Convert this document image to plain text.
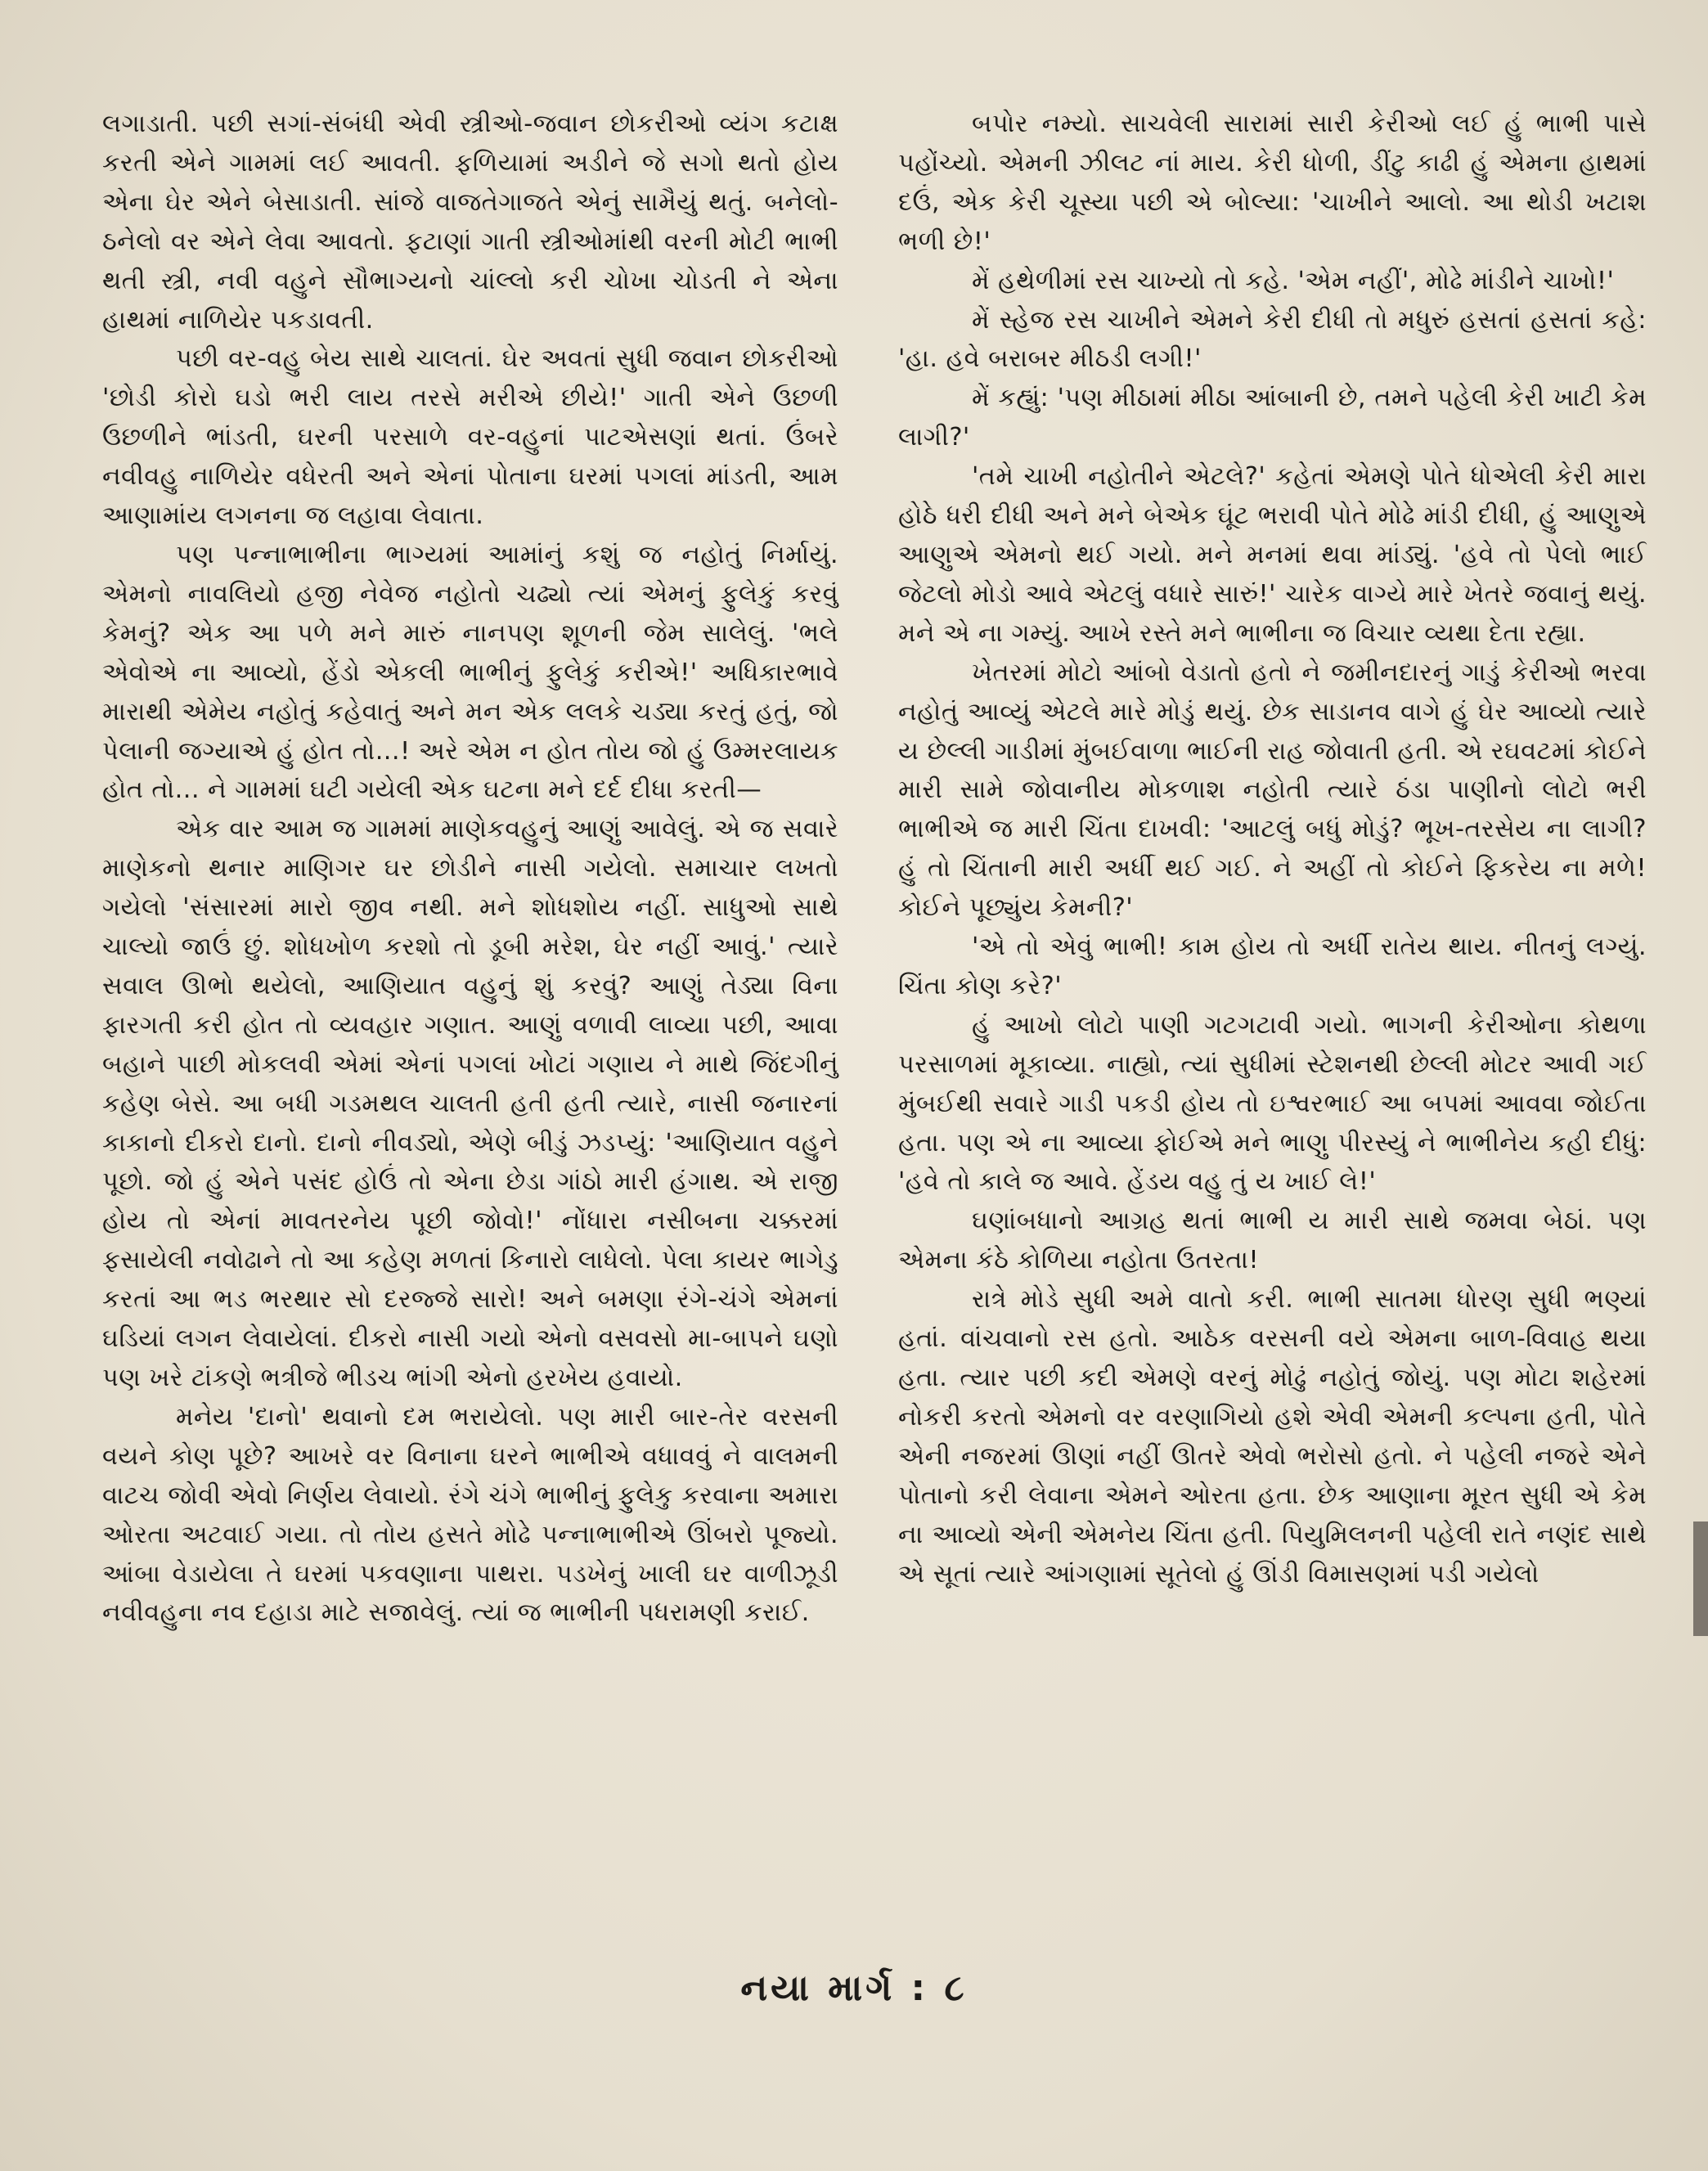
લગાડાતી. પછી સગાં-સંબંધી એવી સ્ત્રીઓ-જવાન છોકરીઓ વ્યંગ કટાક્ષ કરતી એને ગામમાં લઈ આવતી. ફળિયામાં અડીને જે સગો થતો હોય એના ઘેર એને બેસાડાતી. સાંજે વાજતેગાજતે એનું સામૈયું થતું. બનેલો-ઠનેલો વર એને લેવા આવતો. ફટાણાં ગાતી સ્ત્રીઓમાંથી વરની મોટી ભાભી થતી સ્ત્રી, નવી વહુને સૌભાગ્યનો ચાંલ્લો કરી ચોખા ચોડતી ને એના હાથમાં નાળિયેર પકડાવતી.

પછી વર-વહુ બેય સાથે ચાલતાં. ઘેર અવતાં સુધી જવાન છોકરીઓ 'છોડી કોરો ઘડો ભરી લાય તરસે મરીએ છીયે!' ગાતી એને ઉછળી ઉછળીને ભાંડતી, ઘરની પરસાળે વર-વહુનાં પાટએસણાં થતાં. ઉંબરે નવીવહુ નાળિયેર વધેરતી અને એનાં પોતાના ઘરમાં પગલાં માંડતી, આમ આણામાંય લગનના જ લહાવા લેવાતા.

પણ પન્નાભાભીના ભાગ્યમાં આમાંનું કશું જ નહોતું નિર્માયું. એમનો નાવલિયો હજી નેવેજ નહોતો ચઢ્યો ત્યાં એમનું ફુલેકું કરવું કેમનું? એક આ પળે મને મારું નાનપણ શૂળની જેમ સાલેલું. 'ભલે એવોએ ના આવ્યો, હેંડો એકલી ભાભીનું ફુલેકું કરીએ!' અધિકારભાવે મારાથી એમેય નહોતું કહેવાતું અને મન એક લલકે ચડ્યા કરતું હતું, જો પેલાની જગ્યાએ હું હોત તો...! અરે એમ ન હોત તોય જો હું ઉમ્મરલાયક હોત તો... ને ગામમાં ઘટી ગયેલી એક ઘટના મને દર્દ દીધા કરતી—

એક વાર આમ જ ગામમાં માણેકવહુનું આણું આવેલું. એ જ સવારે માણેકનો થનાર માણિગર ઘર છોડીને નાસી ગયેલો. સમાચાર લખતો ગયેલો 'સંસારમાં મારો જીવ નથી. મને શોધશોય નહીં. સાધુઓ સાથે ચાલ્યો જાઉં છું. શોધખોળ કરશો તો ડૂબી મરેશ, ઘેર નહીં આવું.' ત્યારે સવાલ ઊભો થયેલો, આણિયાત વહુનું શું કરવું? આણું તેડ્યા વિના ફારગતી કરી હોત તો વ્યવહાર ગણાત. આણું વળાવી લાવ્યા પછી, આવા બહાને પાછી મોકલવી એમાં એનાં પગલાં ખોટાં ગણાય ને માથે જિંદગીનું કહેણ બેસે. આ બધી ગડમથલ ચાલતી હતી હતી ત્યારે, નાસી જનારનાં કાકાનો દીકરો દાનો. દાનો નીવડ્યો, એણે બીડું ઝડપ્યું: 'આણિયાત વહુને પૂછો. જો હું એને પસંદ હોઉં તો એના છેડા ગાંઠો મારી હંગાથ. એ રાજી હોય તો એનાં માવતરનેય પૂછી જોવો!' નોંધારા નસીબના ચક્કરમાં ફસાયેલી નવોઢાને તો આ કહેણ મળતાં કિનારો લાધેલો. પેલા કાયર ભાગેડુ કરતાં આ ભડ ભરથાર સો દરજ્જે સારો! અને બમણા રંગે-ચંગે એમનાં ઘડિયાં લગન લેવાયેલાં. દીકરો નાસી ગયો એનો વસવસો મા-બાપને ઘણો પણ ખરે ટાંકણે ભત્રીજે ભીડચ ભાંગી એનો હરખેય હવાયો.

મનેય 'દાનો' થવાનો દમ ભરાયેલો. પણ મારી બાર-તેર વરસની વયને કોણ પૂછે? આખરે વર વિનાના ઘરને ભાભીએ વધાવવું ને વાલમની વાટચ જોવી એવો નિર્ણય લેવાયો. રંગે ચંગે ભાભીનું ફુલેકુ કરવાના અમારા ઓરતા અટવાઈ ગયા. તો તોય હસતે મોઢે પન્નાભાભીએ ઊંબરો પૂજ્યો. આંબા વેડાયેલા તે ઘરમાં પકવણાના પાથરા. પડખેનું ખાલી ઘર વાળીઝૂડી નવીવહુના નવ દહાડા માટે સજાવેલું. ત્યાં જ ભાભીની પધરામણી કરાઈ.

બપોર નમ્યો. સાચવેલી સારામાં સારી કેરીઓ લઈ હું ભાભી પાસે પહોંચ્યો. એમની ઝીલટ નાં માય. કેરી ધોળી, ડીંટુ કાઢી હું એમના હાથમાં દઉં, એક કેરી ચૂસ્યા પછી એ બોલ્યા: 'ચાખીને આલો. આ થોડી ખટાશ ભળી છે!'

મેં હથેળીમાં રસ ચાખ્યો તો કહે. 'એમ નહીં', મોઢે માંડીને ચાખો!'

મેં સ્હેજ રસ ચાખીને એમને કેરી દીધી તો મધુરું હસતાં હસતાં કહે: 'હા. હવે બરાબર મીઠડી લગી!'

મેં કહ્યું: 'પણ મીઠામાં મીઠા આંબાની છે, તમને પહેલી કેરી ખાટી કેમ લાગી?'

'તમે ચાખી નહોતીને એટલે?' કહેતાં એમણે પોતે ધોએલી કેરી મારા હોઠે ધરી દીધી અને મને બેએક ઘૂંટ ભરાવી પોતે મોઢે માંડી દીધી, હું આણુએ આણુએ એમનો થઈ ગયો. મને મનમાં થવા માંડ્યું. 'હવે તો પેલો ભાઈ જેટલો મોડો આવે એટલું વધારે સારું!' ચારેક વાગ્યે મારે ખેતરે જવાનું થયું. મને એ ના ગમ્યું. આખે રસ્તે મને ભાભીના જ વિચાર વ્યથા દેતા રહ્યા.

ખેતરમાં મોટો આંબો વેડાતો હતો ને જમીનદારનું ગાડું કેરીઓ ભરવા નહોતું આવ્યું એટલે મારે મોડું થયું. છેક સાડાનવ વાગે હું ઘેર આવ્યો ત્યારે ય છેલ્લી ગાડીમાં મુંબઈવાળા ભાઈની રાહ જોવાતી હતી. એ રઘવટમાં કોઈને મારી સામે જોવાનીય મોકળાશ નહોતી ત્યારે ઠંડા પાણીનો લોટો ભરી ભાભીએ જ મારી ચિંતા દાખવી: 'આટલું બધું મોડું? ભૂખ-તરસેય ના લાગી? હું તો ચિંતાની મારી અર્ધી થઈ ગઈ. ને અહીં તો કોઈને ફિકરેય ના મળે! કોઈને પૂછ્યુંય કેમની?'

'એ તો એવું ભાભી! કામ હોય તો અર્ધી રાતેય થાય. નીતનું લગ્યું. ચિંતા કોણ કરે?'

હું આખો લોટો પાણી ગટગટાવી ગયો. ભાગની કેરીઓના કોથળા પરસાળમાં મૂકાવ્યા. નાહ્યો, ત્યાં સુધીમાં સ્ટેશનથી છેલ્લી મોટર આવી ગઈ મુંબઈથી સવારે ગાડી પકડી હોય તો ઇશ્વરભાઈ આ બપમાં આવવા જોઈતા હતા. પણ એ ના આવ્યા ફોઈએ મને ભાણુ પીરસ્યું ને ભાભીનેય કહી દીધું: 'હવે તો કાલે જ આવે. હેંડય વહુ તું ય ખાઈ લે!'

ઘણાંબધાનો આગ્રહ થતાં ભાભી ય મારી સાથે જમવા બેઠાં. પણ એમના કંઠે કોળિયા નહોતા ઉતરતા!

રાત્રે મોડે સુધી અમે વાતો કરી. ભાભી સાતમા ધોરણ સુધી ભણ્યાં હતાં. વાંચવાનો રસ હતો. આઠેક વરસની વયે એમના બાળ-વિવાહ થયા હતા. ત્યાર પછી કદી એમણે વરનું મોઢું નહોતું જોયું. પણ મોટા શહેરમાં નોકરી કરતો એમનો વર વરણાગિયો હશે એવી એમની કલ્પના હતી, પોતે એની નજરમાં ઊણાં નહીં ઊતરે એવો ભરોસો હતો. ને પહેલી નજરે એને પોતાનો કરી લેવાના એમને ઓરતા હતા. છેક આણાના મૂરત સુધી એ કેમ ના આવ્યો એની એમનેય ચિંતા હતી. પિયુમિલનની પહેલી રાતે નણંદ સાથે એ સૂતાં ત્યારે આંગણામાં સૂતેલો હું ઊંડી વિમાસણમાં પડી ગયેલો

નયા માર્ગ : ૮
